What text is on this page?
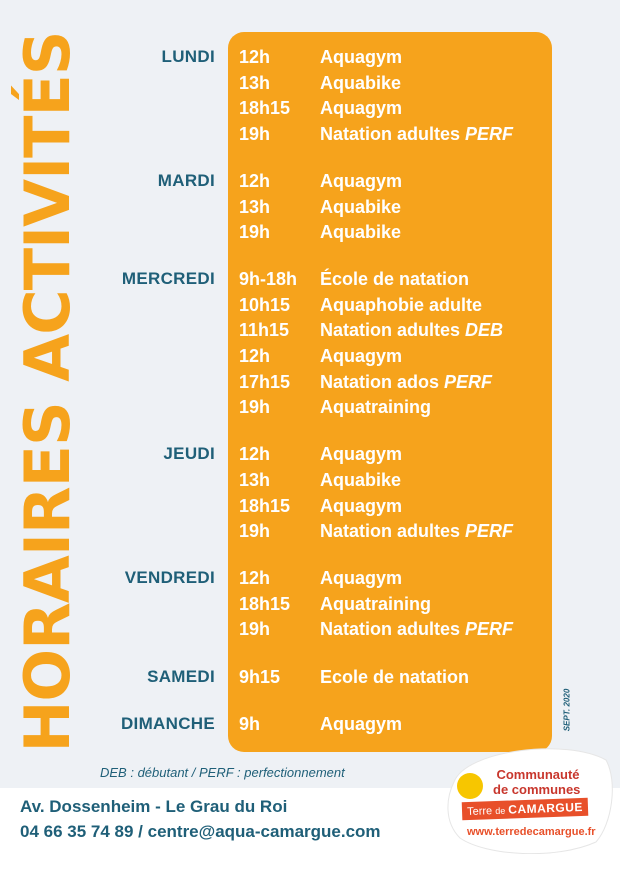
HORAIRES ACTIVITÉS	LUNDI 12h	Aquagym
13h	Aquabike
18h15 Aquagym
19h	Natation adultes PERF
MARDI 12h	Aquagym
13h	Aquabike
19h	Aquabike
MERCREDI 9h-18h École de natation
10h15 Aquaphobie adulte
11h15 Natation adultes DEB
12h	Aquagym
17h15 Natation ados PERF
19h	Aquatraining
JEUDI 12h	Aquagym
13h	Aquabike
18h15 Aquagym
19h	Natation adultes PERF
VENDREDI 12h	Aquagym
18h15 Aquatraining
19h	Natation adultes PERF
SAMEDI 9h15 Ecole de natation
DIMANCHE 9h	Aquagym	SEPT. 2020
DEB : débutant / PERF : perfectionnement
Av. Dossenheim - Le Grau du Roi
04 66 35 74 89 / centre@aqua-camargue.com
Communauté
de communes
Terre de CAMARGUE
www.terredecamargue.fr
